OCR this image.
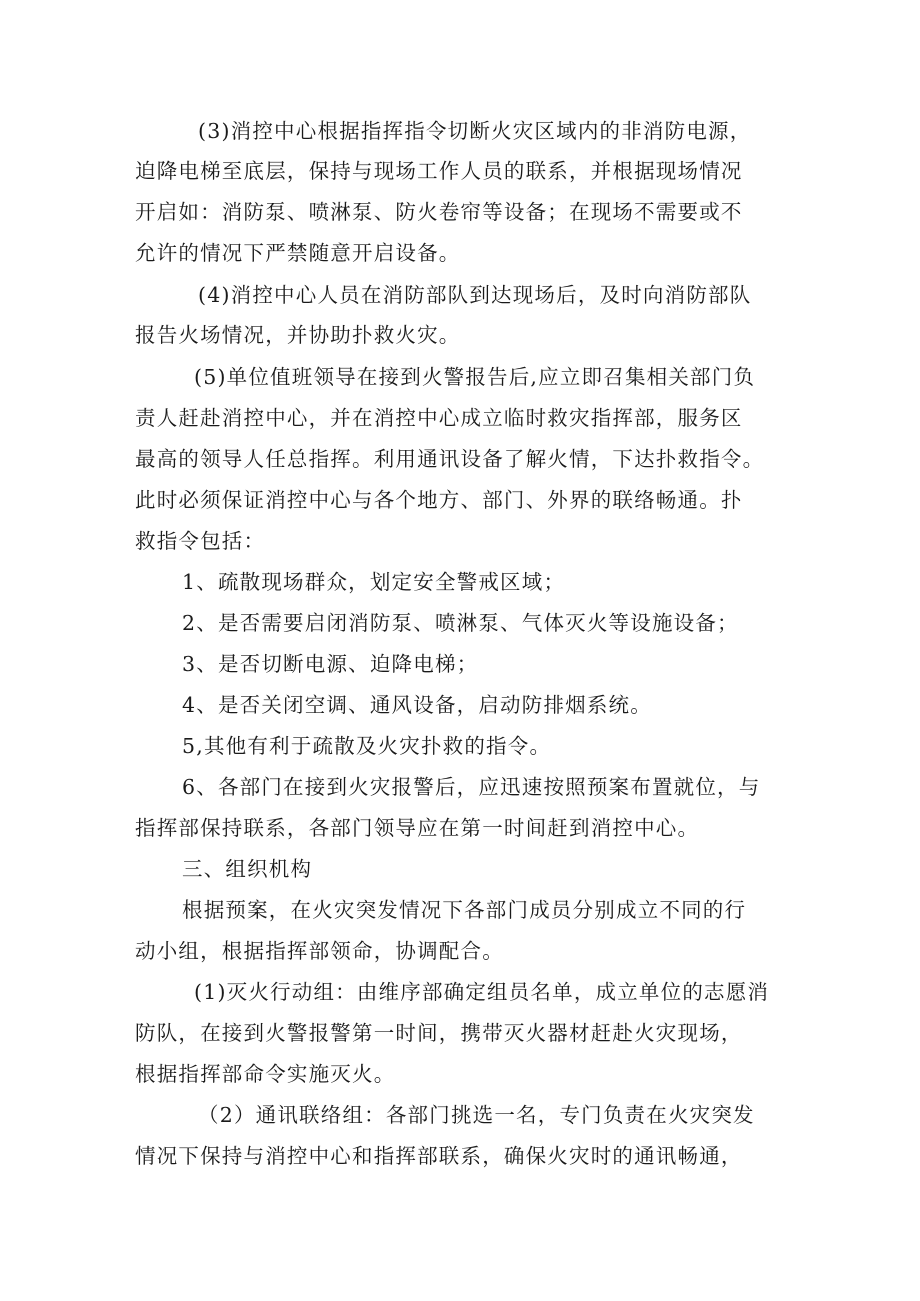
(3)消控中心根据指挥指令切断火灾区域内的非消防电源，
迫降电梯至底层，保持与现场工作人员的联系，并根据现场情况
开启如：消防泵、喷淋泵、防火卷帘等设备；在现场不需要或不
允许的情况下严禁随意开启设备。
(4)消控中心人员在消防部队到达现场后，及时向消防部队
报告火场情况，并协助扑救火灾。
(5)单位值班领导在接到火警报告后,应立即召集相关部门负
责人赶赴消控中心，并在消控中心成立临时救灾指挥部，服务区
最高的领导人任总指挥。利用通讯设备了解火情，下达扑救指令。
此时必须保证消控中心与各个地方、部门、外界的联络畅通。扑
救指令包括：
1、疏散现场群众，划定安全警戒区域；
2、是否需要启闭消防泵、喷淋泵、气体灭火等设施设备；
3、是否切断电源、迫降电梯；
4、是否关闭空调、通风设备，启动防排烟系统。
5,其他有利于疏散及火灾扑救的指令。
6、各部门在接到火灾报警后，应迅速按照预案布置就位，与
指挥部保持联系，各部门领导应在第一时间赶到消控中心。
三、组织机构
根据预案，在火灾突发情况下各部门成员分别成立不同的行
动小组，根据指挥部领命，协调配合。
(1)灭火行动组：由维序部确定组员名单，成立单位的志愿消
防队，在接到火警报警第一时间，携带灭火器材赶赴火灾现场，
根据指挥部命令实施灭火。
（2）通讯联络组：各部门挑选一名，专门负责在火灾突发
情况下保持与消控中心和指挥部联系，确保火灾时的通讯畅通，
